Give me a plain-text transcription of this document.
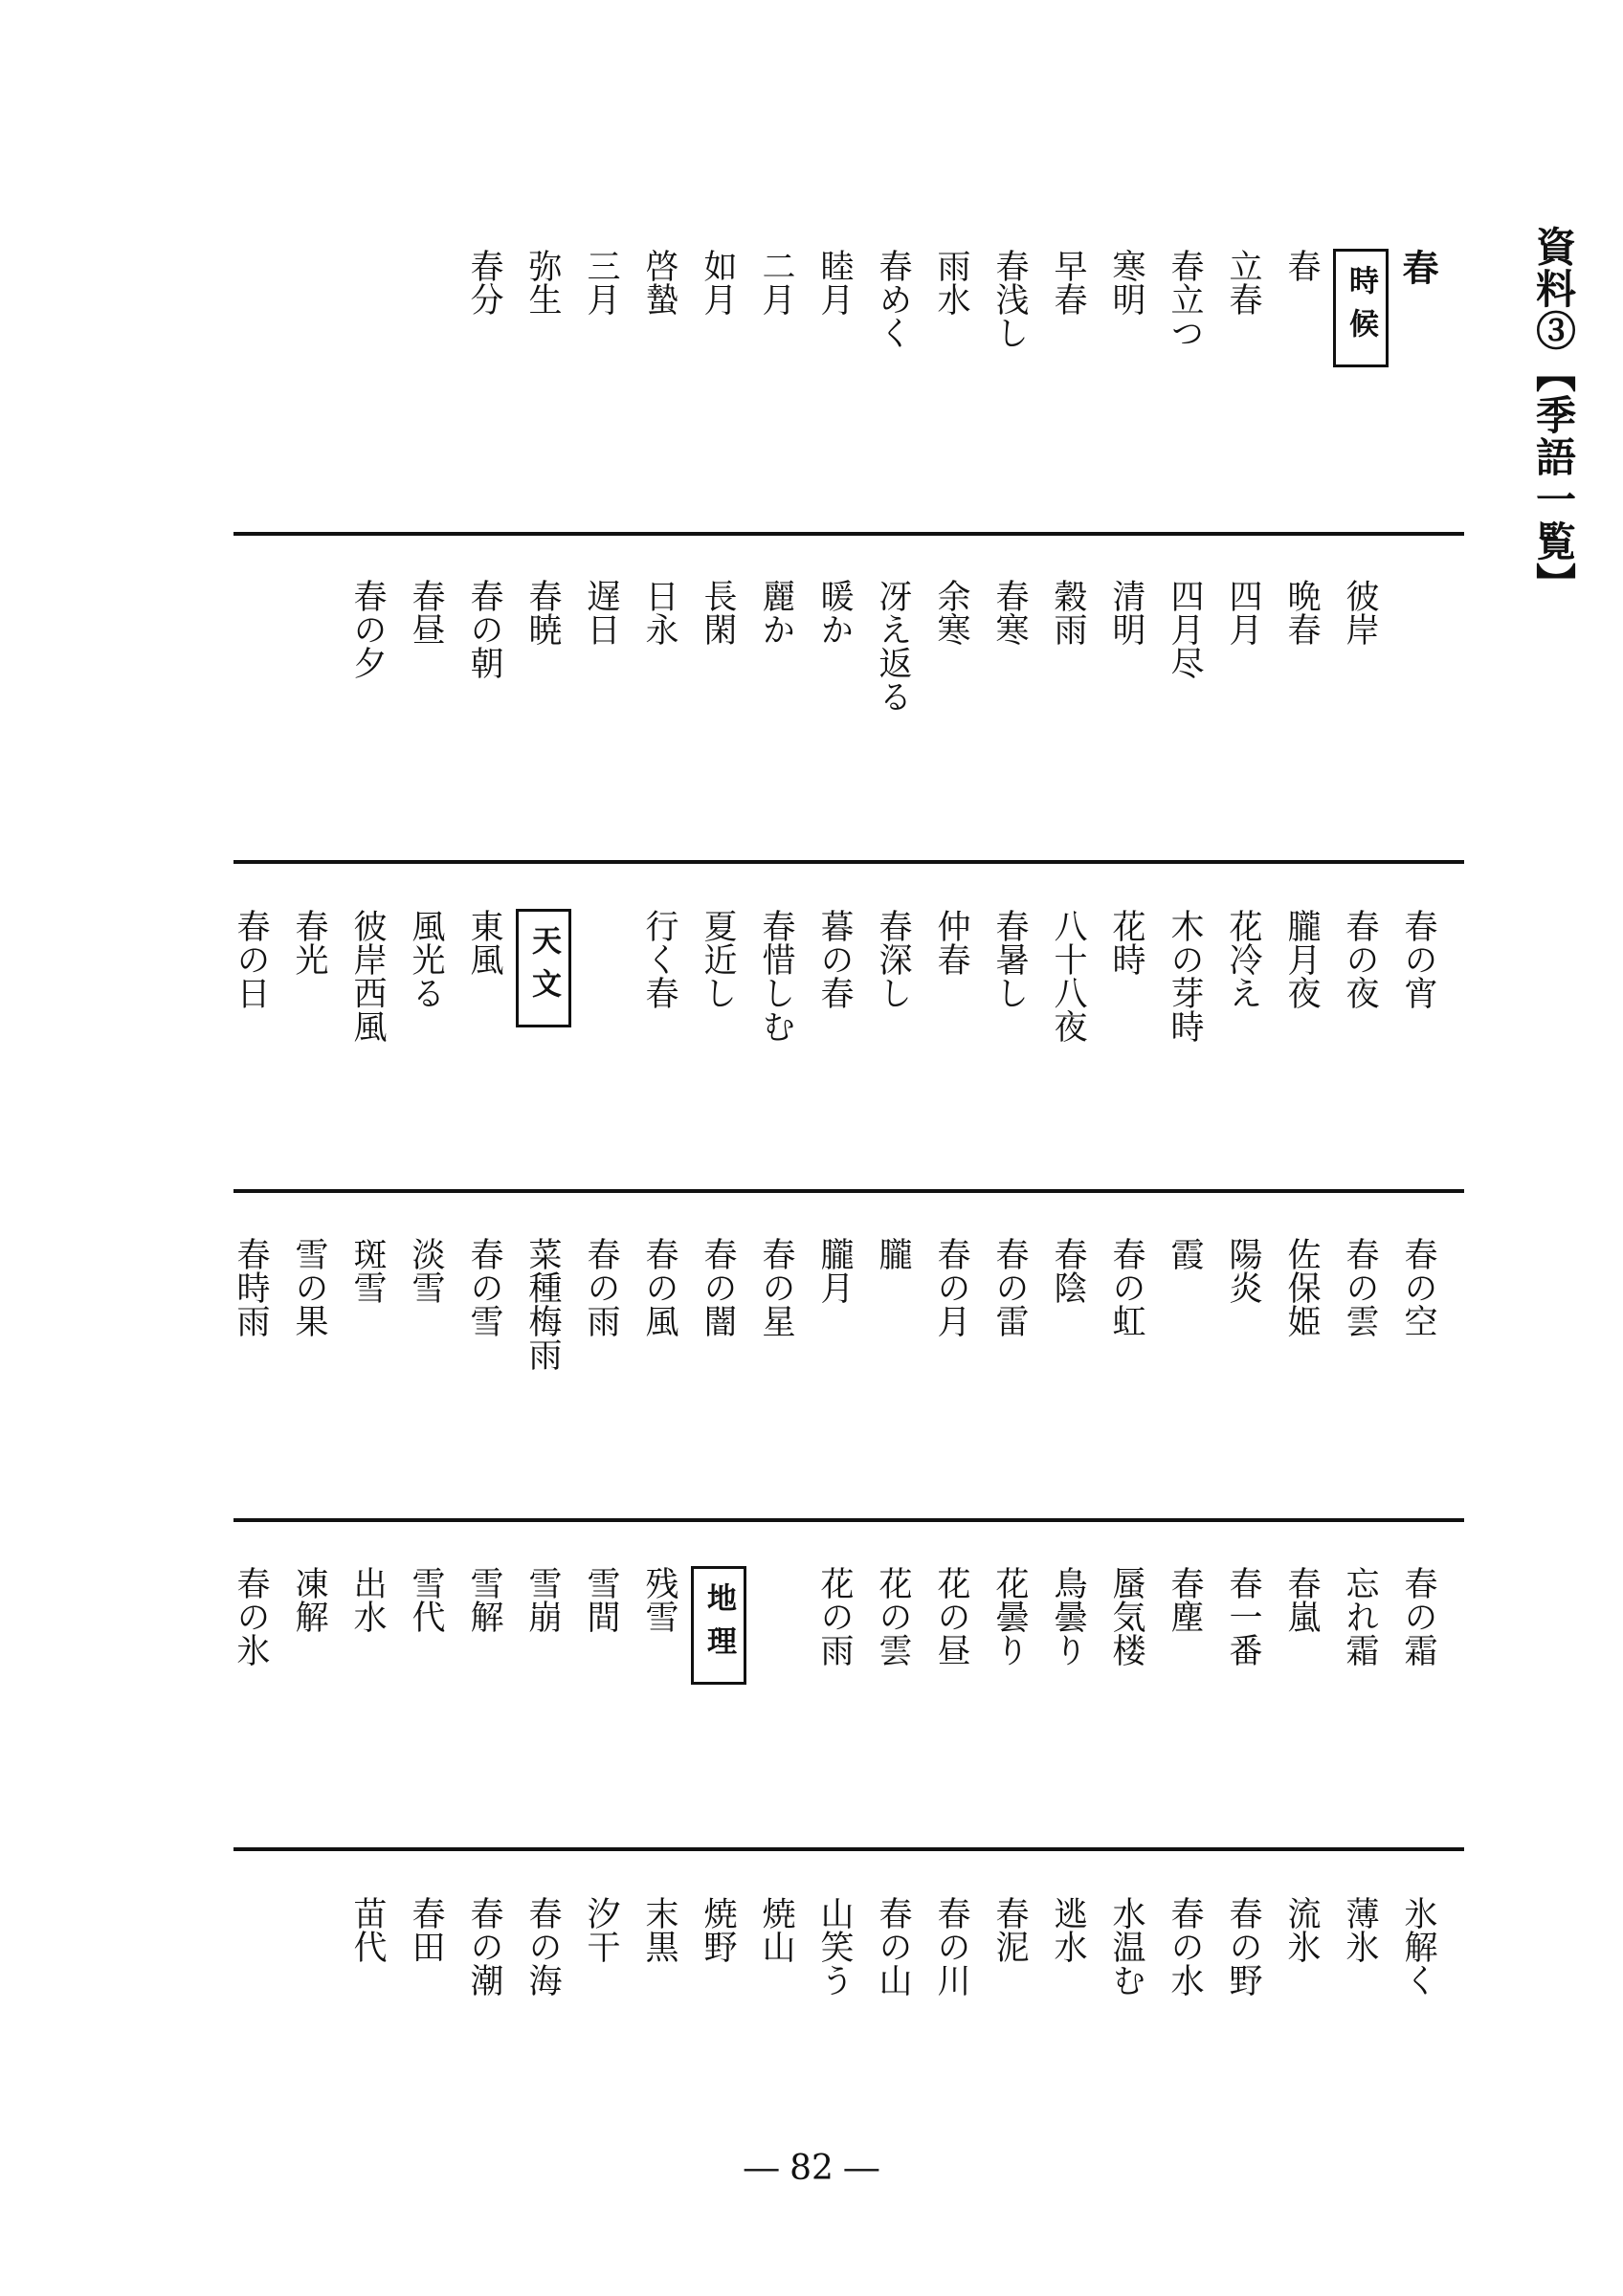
資料③【季語一覧】
春
時候
春
立春
春立つ
寒明
早春
春浅し
雨水
春めく
睦月
二月
如月
啓蟄
三月
弥生
春分
彼岸
晩春
四月
四月尽
清明
穀雨
春寒
余寒
冴え返る
暖か
麗か
長閑
日永
遅日
春暁
春の朝
春昼
春の夕
春の宵
春の夜
朧月夜
花冷え
木の芽時
花時
八十八夜
春暑し
仲春
春深し
暮の春
春惜しむ
夏近し
行く春
天文
東風
風光る
彼岸西風
春光
春の日
春の空
春の雲
佐保姫
陽炎
霞
春の虹
春陰
春の雷
春の月
朧
朧月
春の星
春の闇
春の風
春の雨
菜種梅雨
春の雪
淡雪
斑雪
雪の果
春時雨
春の霜
忘れ霜
春嵐
春一番
春塵
蜃気楼
鳥曇り
花曇り
花の昼
花の雲
花の雨
地理
残雪
雪間
雪崩
雪解
雪代
出水
凍解
春の氷
氷解く
薄氷
流氷
春の野
春の水
水温む
逃水
春泥
春の川
春の山
山笑う
焼山
焼野
末黒
汐干
春の海
春の潮
春田
苗代
― 82 ―
